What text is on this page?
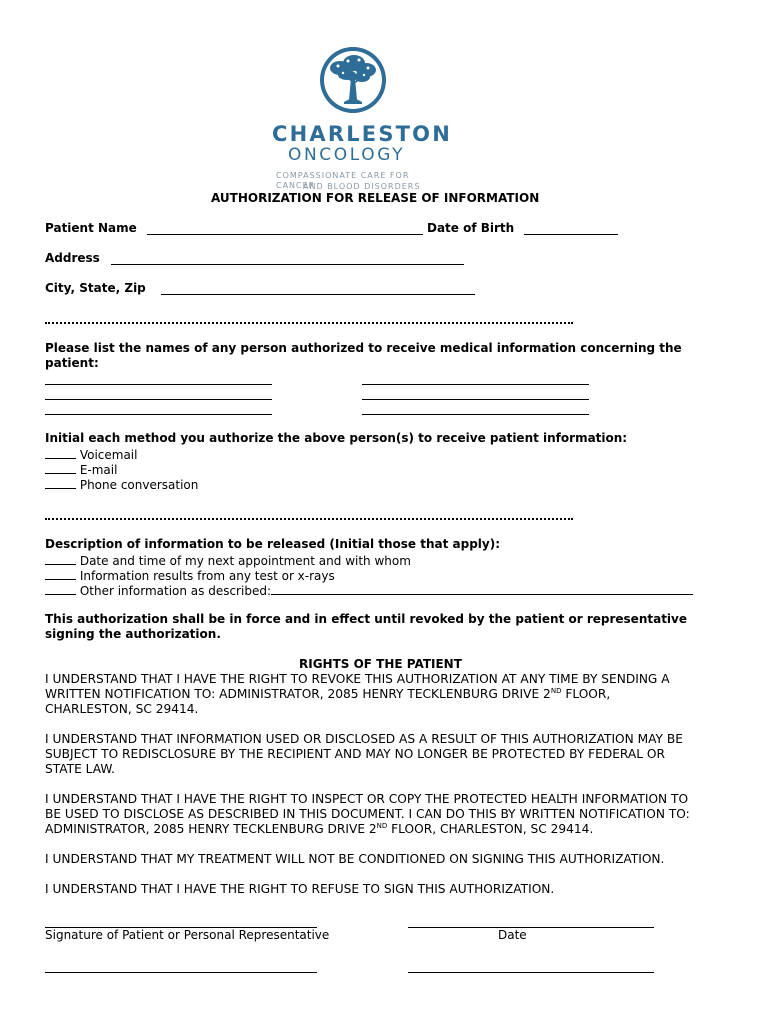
CHARLESTON
ONCOLOGY
COMPASSIONATE CARE FOR CANCER
AND BLOOD DISORDERS
AUTHORIZATION FOR RELEASE OF INFORMATION
Patient Name	Date of Birth
Address
City, State, Zip
Please list the names of any person authorized to receive medical information concerning the
patient:
Initial each method you authorize the above person(s) to receive patient information:
Voicemail
E-mail
Phone conversation
Description of information to be released (Initial those that apply):
Date and time of my next appointment and with whom
Information results from any test or x-rays
Other information as described:
This authorization shall be in force and in effect until revoked by the patient or representative
signing the authorization.
RIGHTS OF THE PATIENT
I UNDERSTAND THAT I HAVE THE RIGHT TO REVOKE THIS AUTHORIZATION AT ANY TIME BY SENDING A
WRITTEN NOTIFICATION TO: ADMINISTRATOR, 2085 HENRY TECKLENBURG DRIVE 2ND FLOOR,
CHARLESTON, SC 29414.
I UNDERSTAND THAT INFORMATION USED OR DISCLOSED AS A RESULT OF THIS AUTHORIZATION MAY BE
SUBJECT TO REDISCLOSURE BY THE RECIPIENT AND MAY NO LONGER BE PROTECTED BY FEDERAL OR
STATE LAW.
I UNDERSTAND THAT I HAVE THE RIGHT TO INSPECT OR COPY THE PROTECTED HEALTH INFORMATION TO
BE USED TO DISCLOSE AS DESCRIBED IN THIS DOCUMENT. I CAN DO THIS BY WRITTEN NOTIFICATION TO:
ADMINISTRATOR, 2085 HENRY TECKLENBURG DRIVE 2ND FLOOR, CHARLESTON, SC 29414.
I UNDERSTAND THAT MY TREATMENT WILL NOT BE CONDITIONED ON SIGNING THIS AUTHORIZATION.
I UNDERSTAND THAT I HAVE THE RIGHT TO REFUSE TO SIGN THIS AUTHORIZATION.
Signature of Patient or Personal Representative	Date
